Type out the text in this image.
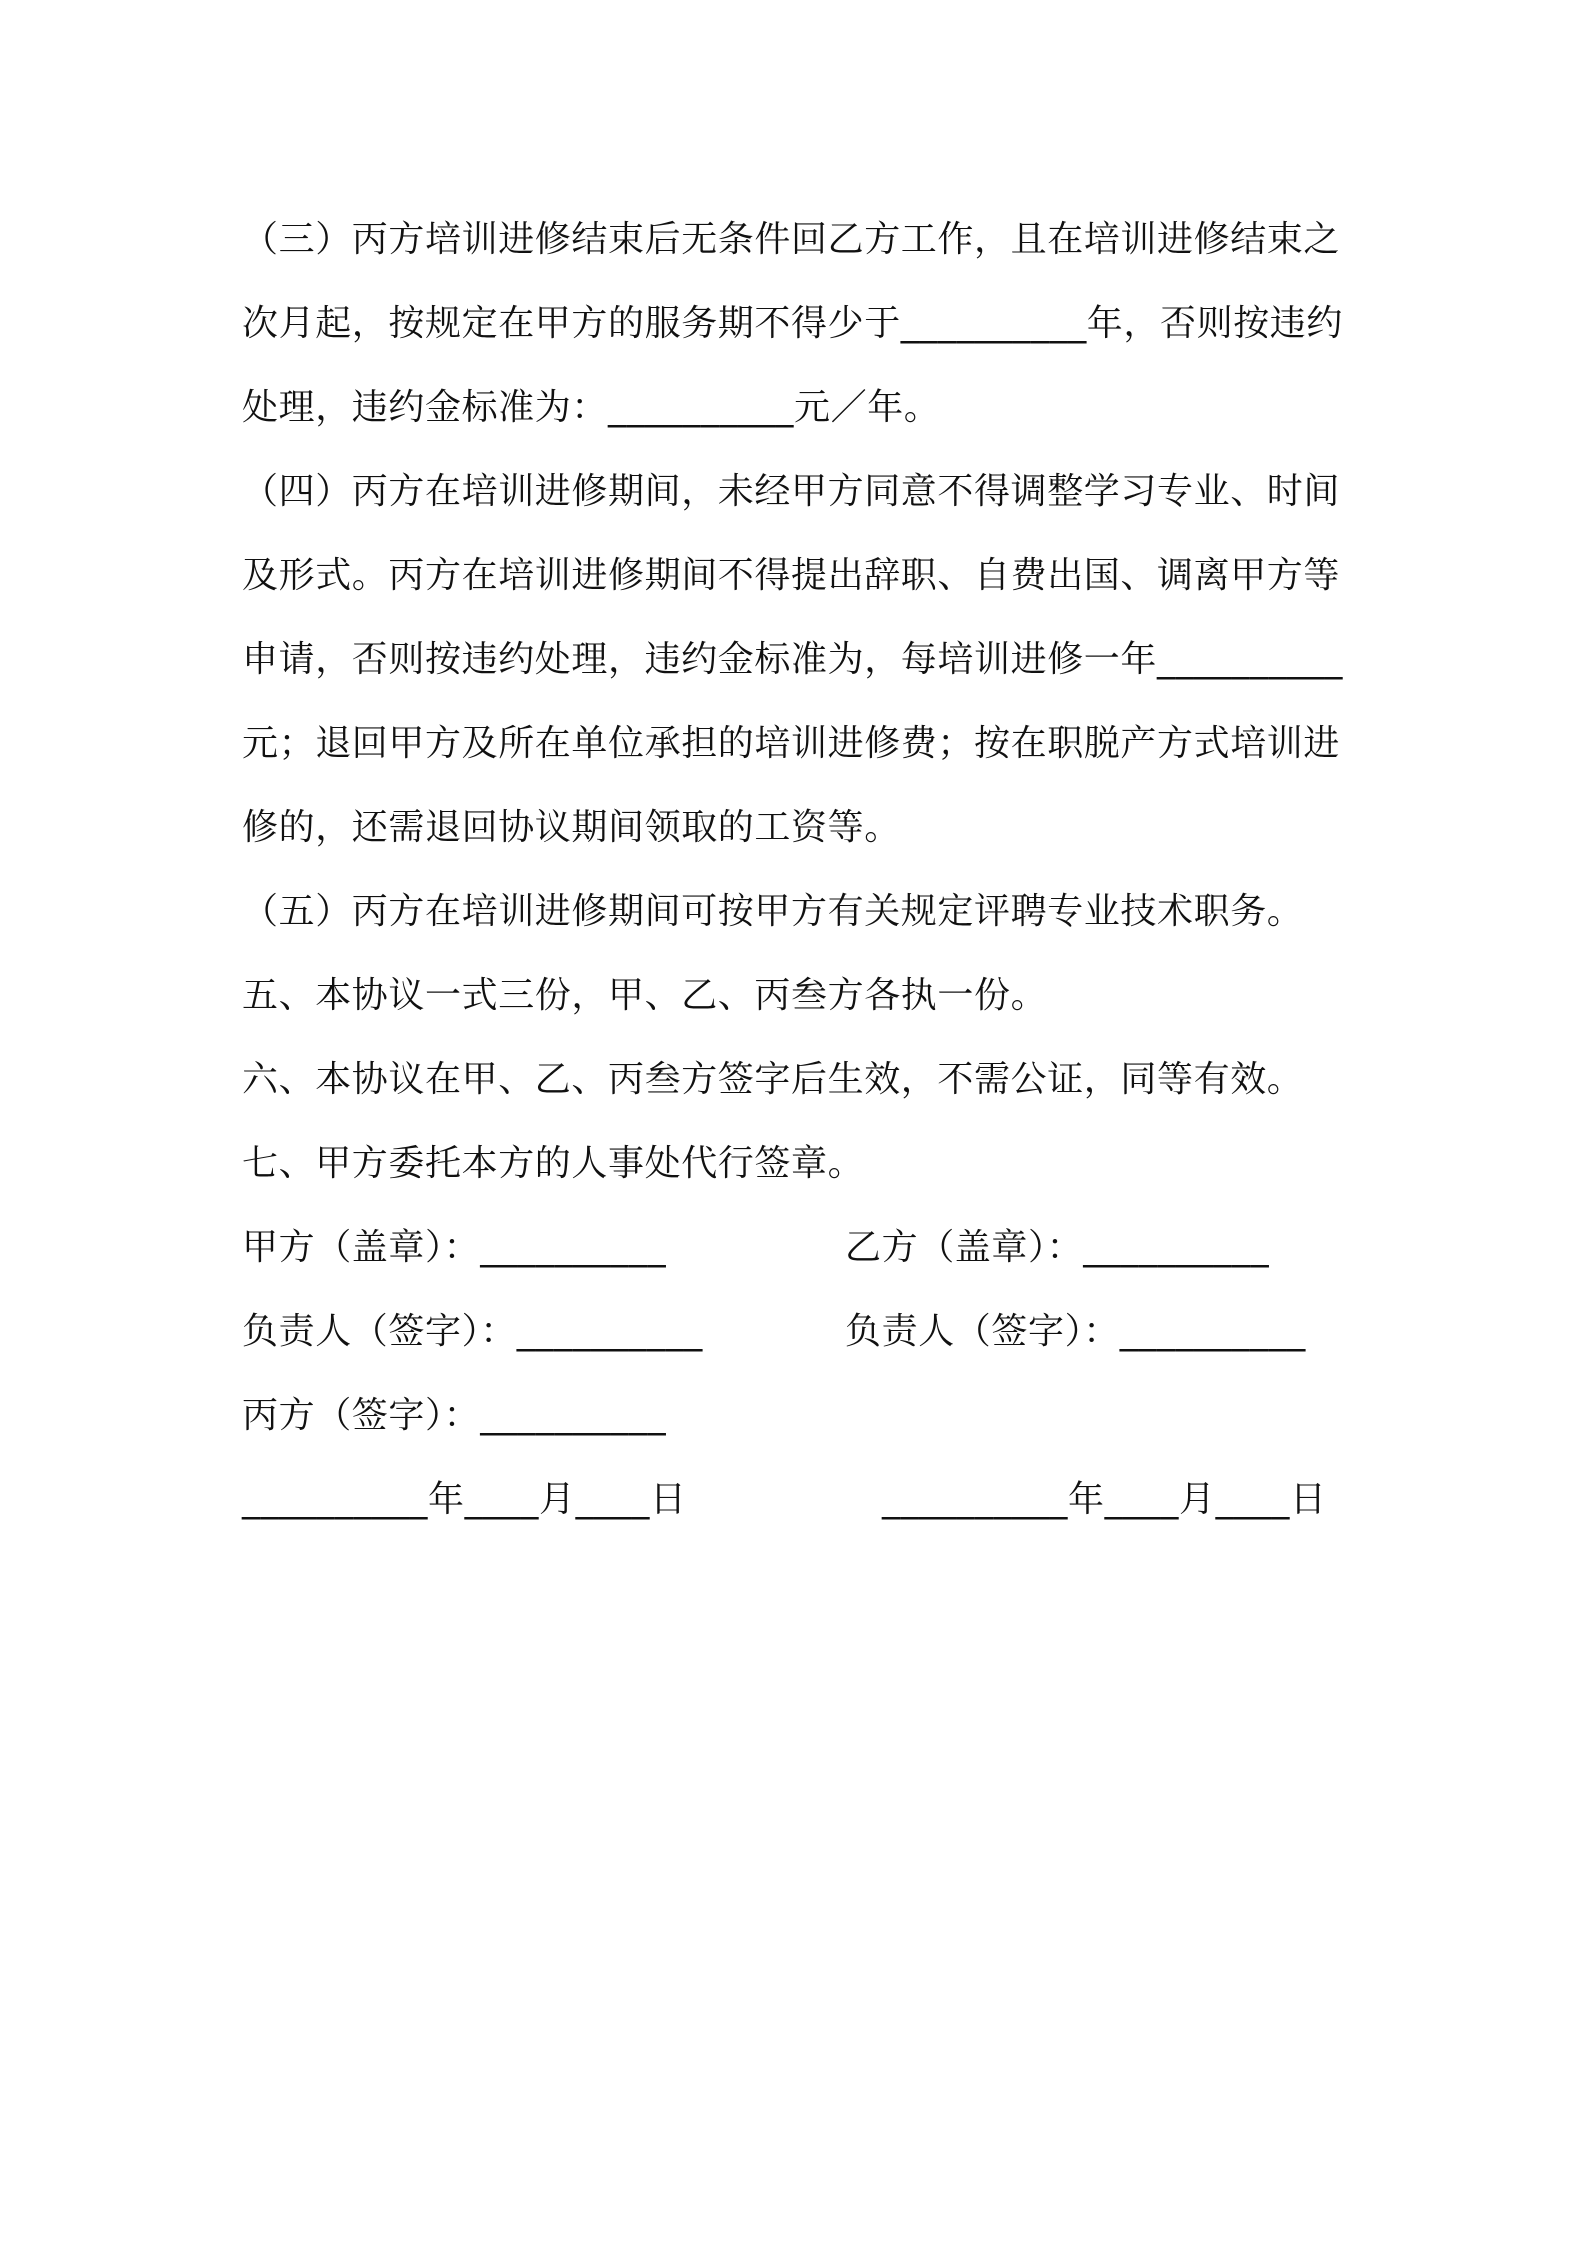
（三）丙方培训进修结束后无条件回乙方工作，且在培训进修结束之
次月起，按规定在甲方的服务期不得少于__________年，否则按违约
处理，违约金标准为：__________元／年。
（四）丙方在培训进修期间，未经甲方同意不得调整学习专业、时间
及形式。丙方在培训进修期间不得提出辞职、自费出国、调离甲方等
申请，否则按违约处理，违约金标准为，每培训进修一年__________
元；退回甲方及所在单位承担的培训进修费；按在职脱产方式培训进
修的，还需退回协议期间领取的工资等。
（五）丙方在培训进修期间可按甲方有关规定评聘专业技术职务。
五、本协议一式三份，甲、乙、丙叁方各执一份。
六、本协议在甲、乙、丙叁方签字后生效，不需公证，同等有效。
七、甲方委托本方的人事处代行签章。
甲方（盖章）：__________	乙方（盖章）：__________
负责人（签字）：__________	负责人（签字）：__________
丙方（签字）：__________
__________年____月____日	__________年____月____日
